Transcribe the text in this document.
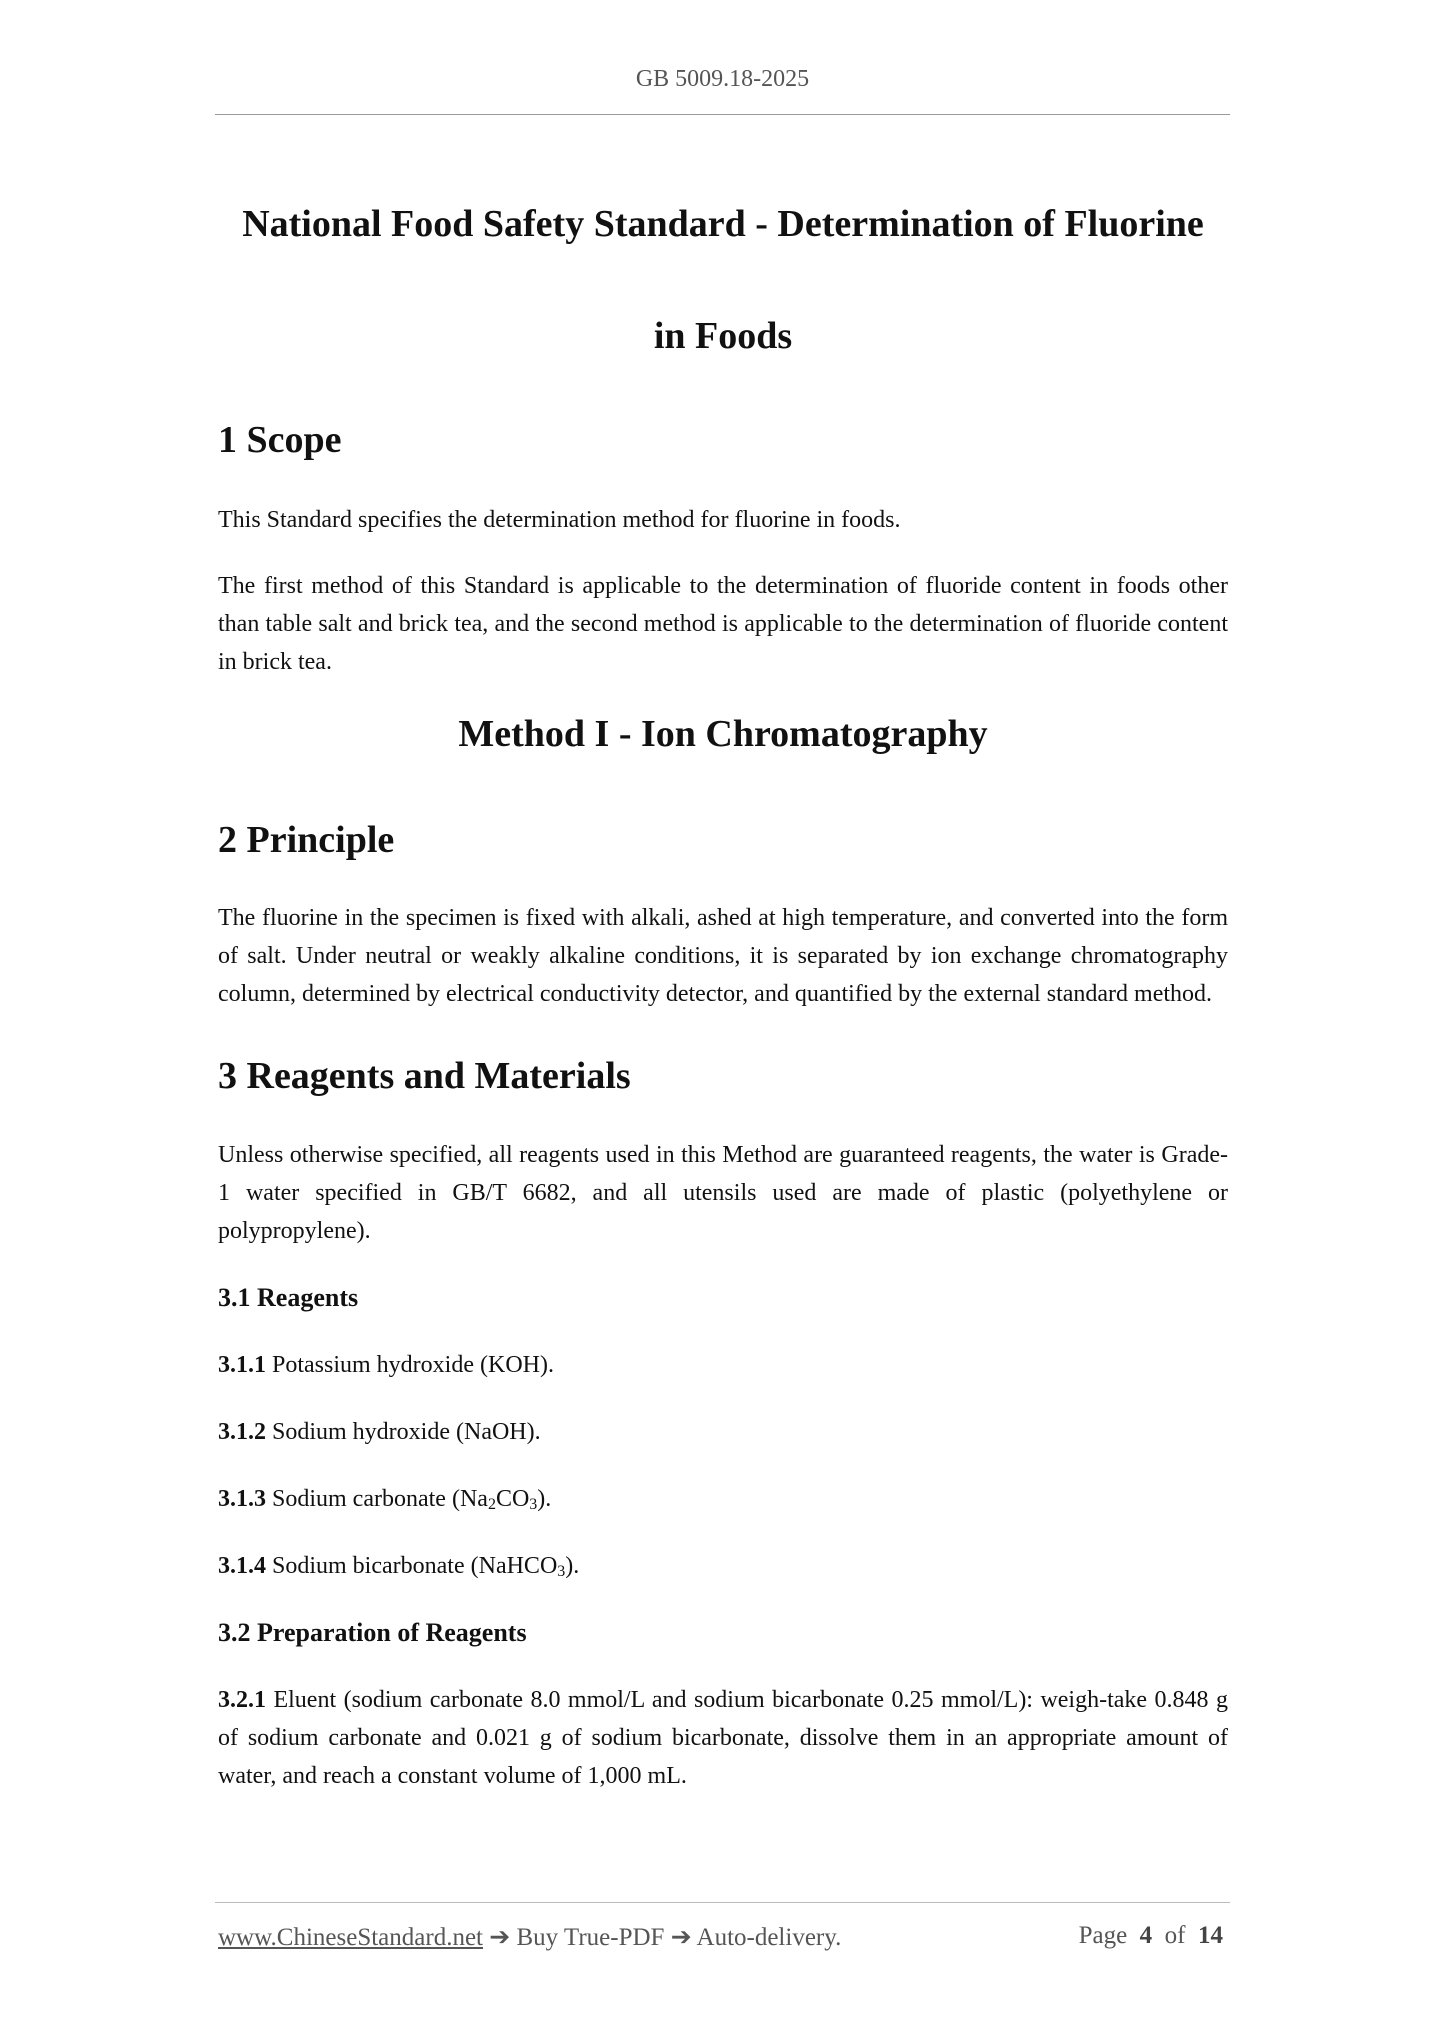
GB 5009.18-2025
National Food Safety Standard - Determination of Fluorine
in Foods
1 Scope

This Standard specifies the determination method for fluorine in foods.

The first method of this Standard is applicable to the determination of fluoride content in foods other than table salt and brick tea, and the second method is applicable to the determination of fluoride content in brick tea.

Method I - Ion Chromatography
2 Principle

The fluorine in the specimen is fixed with alkali, ashed at high temperature, and converted into the form of salt. Under neutral or weakly alkaline conditions, it is separated by ion exchange chromatography column, determined by electrical conductivity detector, and quantified by the external standard method.

3 Reagents and Materials

Unless otherwise specified, all reagents used in this Method are guaranteed reagents, the water is Grade-1 water specified in GB/T 6682, and all utensils used are made of plastic (polyethylene or polypropylene).

3.1 Reagents

3.1.1 Potassium hydroxide (KOH).

3.1.2 Sodium hydroxide (NaOH).

3.1.3 Sodium carbonate $(Na_2CO_3)$.

3.1.4 Sodium bicarbonate (NaHCO$_3$).

3.2 Preparation of Reagents

3.2.1 Eluent (sodium carbonate 8.0 mmol/L and sodium bicarbonate 0.25 mmol/L): weigh-take 0.848 g of sodium carbonate and 0.021 g of sodium bicarbonate, dissolve them in an appropriate amount of water, and reach a constant volume of 1,000 mL.

www.ChineseStandard.net ➔ Buy True-PDF ➔ Auto-delivery.	Page 4 of 14
